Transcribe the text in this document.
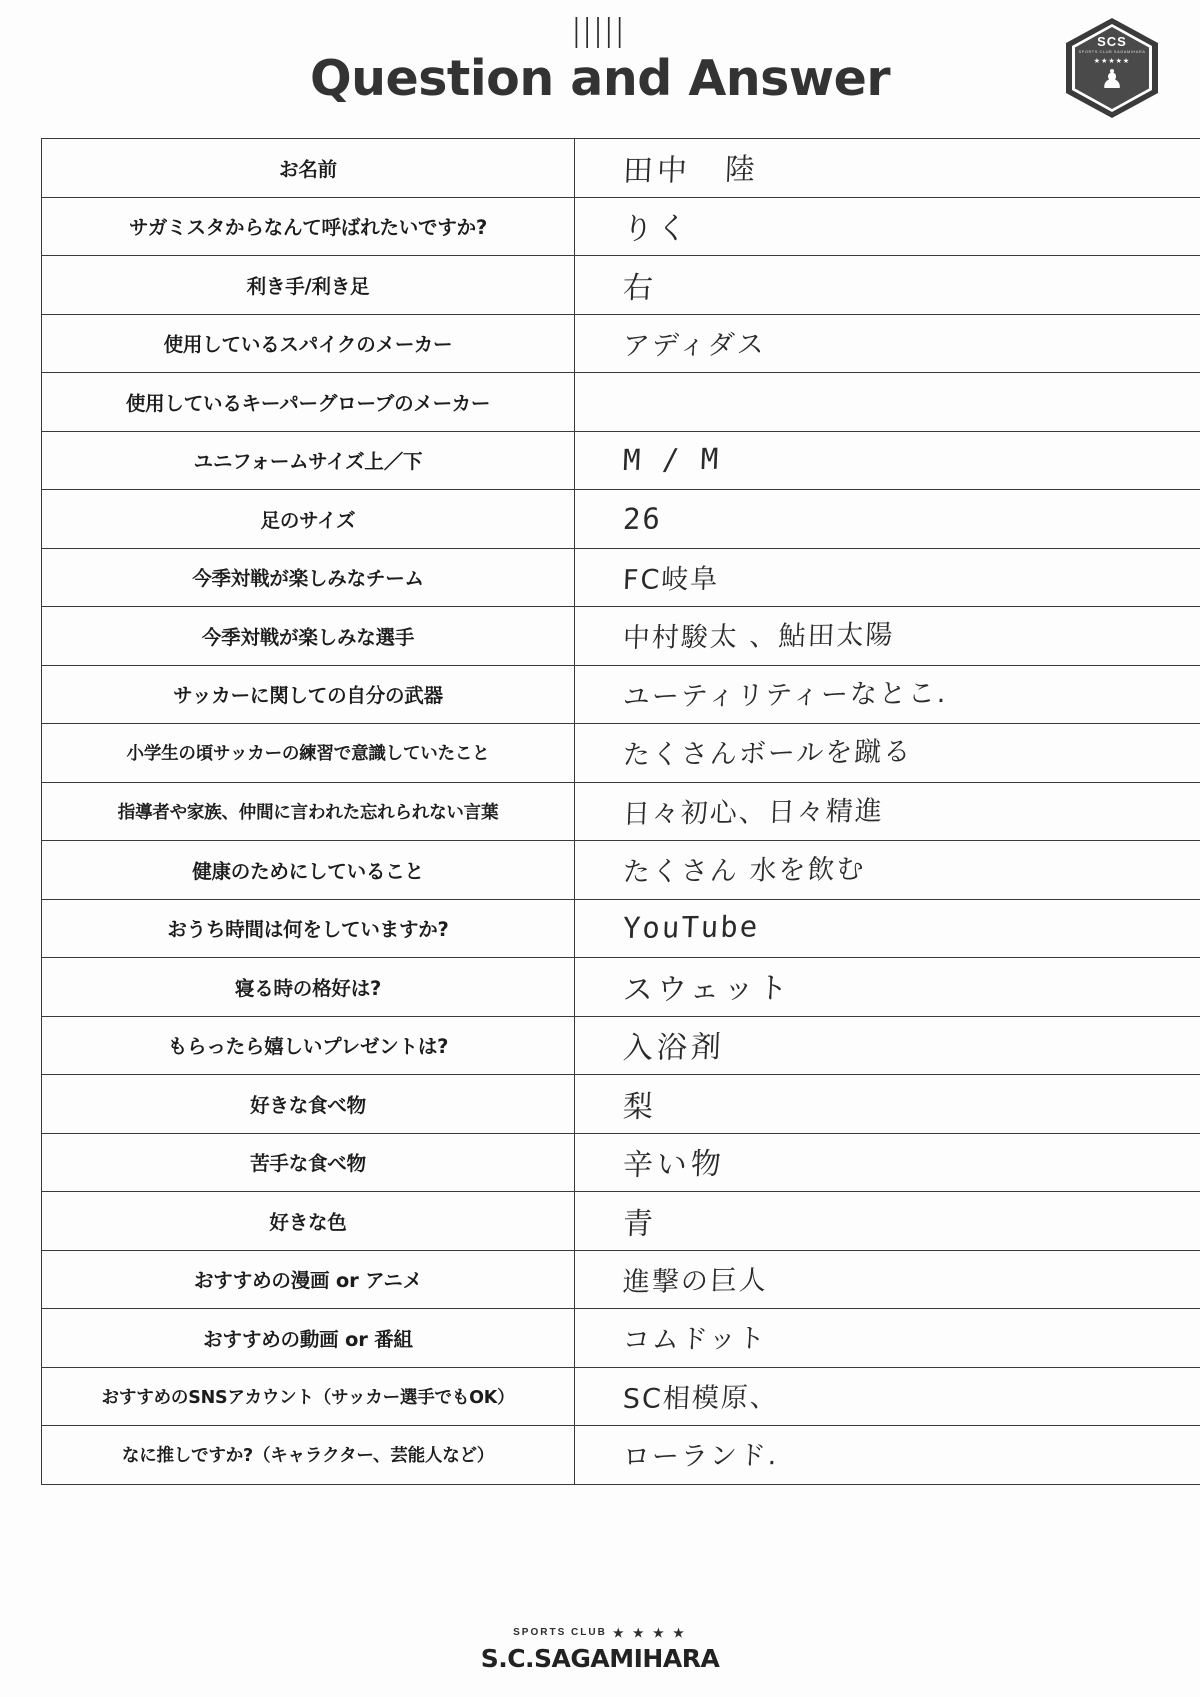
|||||
Question and Answer
SCS
SPORTS CLUB SAGAMIHARA
★★★★★
♟
お名前	田中　陸
サガミスタからなんて呼ばれたいですか?	りく
利き手/利き足	右
使用しているスパイクのメーカー	アディダス
使用しているキーパーグローブのメーカー	
ユニフォームサイズ上／下	M / M
足のサイズ	26
今季対戦が楽しみなチーム	FC岐阜
今季対戦が楽しみな選手	中村駿太 、鮎田太陽
サッカーに関しての自分の武器	ユーティリティーなとこ.
小学生の頃サッカーの練習で意識していたこと	たくさんボールを蹴る
指導者や家族、仲間に言われた忘れられない言葉	日々初心、日々精進
健康のためにしていること	たくさん 水を飲む
おうち時間は何をしていますか?	YouTube
寝る時の格好は?	スウェット
もらったら嬉しいプレゼントは?	入浴剤
好きな食べ物	梨
苦手な食べ物	辛い物
好きな色	青
おすすめの漫画 or アニメ	進撃の巨人
おすすめの動画 or 番組	コムドット
おすすめのSNSアカウント（サッカー選手でもOK）	SC相模原、
なに推しですか?（キャラクター、芸能人など）	ローランド.
SPORTS CLUB ★ ★ ★ ★
S.C.SAGAMIHARA
